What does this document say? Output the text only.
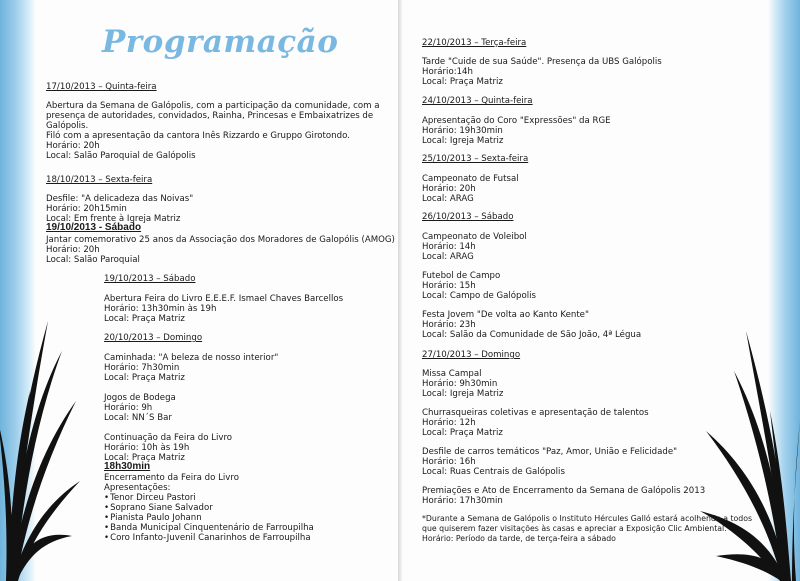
Programação
17/10/2013 – Quinta-feira
Abertura da Semana de Galópolis, com a participação da comunidade, com a
presença de autoridades, convidados, Rainha, Princesas e Embaixatrizes de
Galópolis.
Filó com a apresentação da cantora Inês Rizzardo e Gruppo Girotondo.
Horário: 20h
Local: Salão Paroquial de Galópolis
18/10/2013 – Sexta-feira
Desfile: "A delicadeza das Noivas"
Horário: 20h15min
Local: Em frente à Igreja Matriz
19/10/2013 - Sábado
Jantar comemorativo 25 anos da Associação dos Moradores de Galopólis (AMOG)
Horário: 20h
Local: Salão Paroquial
19/10/2013 – Sábado
Abertura Feira do Livro E.E.E.F. Ismael Chaves Barcellos
Horário: 13h30min às 19h
Local: Praça Matriz
20/10/2013 – Domingo
Caminhada: "A beleza de nosso interior"
Horário: 7h30min
Local: Praça Matriz
Jogos de Bodega
Horário: 9h
Local: NN´S Bar
Continuação da Feira do Livro
Horário: 10h às 19h
Local: Praça Matriz
18h30min
Encerramento da Feira do Livro
Apresentações:
• Tenor Dirceu Pastori
• Soprano Siane Salvador
• Pianista Paulo Johann
• Banda Municipal Cinquentenário de Farroupilha
• Coro Infanto-Juvenil Canarinhos de Farroupilha
22/10/2013 – Terça-feira
Tarde "Cuide de sua Saúde". Presença da UBS Galópolis
Horário:14h
Local: Praça Matriz
24/10/2013 – Quinta-feira
Apresentação do Coro "Expressões" da RGE
Horário: 19h30min
Local: Igreja Matriz
25/10/2013 – Sexta-feira
Campeonato de Futsal
Horário: 20h
Local: ARAG
26/10/2013 – Sábado
Campeonato de Voleibol
Horário: 14h
Local: ARAG
Futebol de Campo
Horário: 15h
Local: Campo de Galópolis
Festa Jovem "De volta ao Kanto Kente"
Horário: 23h
Local: Salão da Comunidade de São João, 4ª Légua
27/10/2013 – Domingo
Missa Campal
Horário: 9h30min
Local: Igreja Matriz
Churrasqueiras coletivas e apresentação de talentos
Horário: 12h
Local: Praça Matriz
Desfile de carros temáticos "Paz, Amor, União e Felicidade"
Horário: 16h
Local: Ruas Centrais de Galópolis
Premiações e Ato de Encerramento da Semana de Galópolis 2013
Horário: 17h30min
*Durante a Semana de Galópolis o Instituto Hércules Galló estará acolhendo a todos
que quiserem fazer visitações às casas e apreciar a Exposição Clic Ambiental.
Horário: Período da tarde, de terça-feira a sábado
